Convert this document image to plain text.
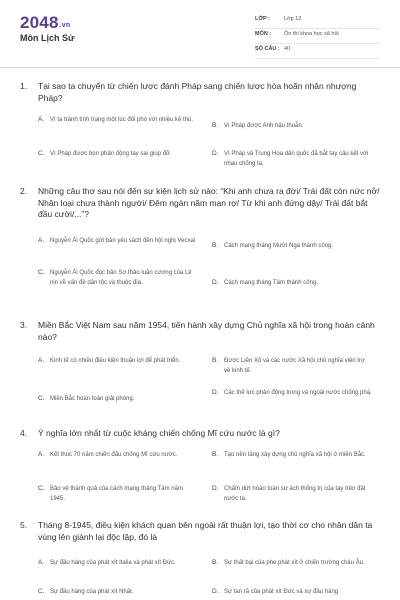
2048.vn
Môn Lịch Sử
LỚP :	Lớp 12
MÔN : Ôn thi khoa học xã hội
SỐ CÂU : 40
1. Tại sao ta chuyển từ chiến lược đánh Pháp sang chiến lược hòa hoãn nhân nhượng Pháp?
A. Vì ta tránh tình trạng một lúc đối phó với nhiều kẻ thù.
B. Vì Pháp được Anh hậu thuẫn.
C. Vì Pháp được bọn phản động tay sai giúp đỡ.	D. Vì Pháp và Trung Hoa dân quốc đã bắt tay cấu kết với nhau chống ta.
2. Những câu thơ sau nói đến sự kiện lịch sử nào: “Khi anh chưa ra đời/ Trái đất còn nức nở/ Nhân loại chưa thành người/ Đêm ngàn năm man rợ/ Từ khi anh đứng dậy/ Trái đất bắt đầu cười/...”?
A. Nguyễn Ái Quốc gửi bản yêu sách đến hội nghị Vecxai
B. Cách mạng tháng Mười Nga thành công.
C. Nguyễn Ái Quốc đọc bản Sơ thảo luận cương của Lê nin về vấn đề dân tộc và thuộc địa.	D. Cách mạng tháng Tám thành công.
3. Miền Bắc Việt Nam sau năm 1954, tiến hành xây dựng Chủ nghĩa xã hội trong hoàn cảnh nào?
A. Kinh tế có nhiều điều kiện thuận lợi để phát triển.	B. Được Liên Xô và các nước Xã hội chủ nghĩa viện trợ về kinh tế.
C. Miền Bắc hoàn toàn giải phóng.
D. Các thế lực phản động trong và ngoài nước chống phá.
4. Ý nghĩa lớn nhất từ cuộc kháng chiến chống Mĩ cứu nước là gì?
A. Kết thúc 70 năm chiến đấu chống Mĩ cứu nước.	B. Tạo nền tảng xây dựng chủ nghĩa xã hội ở miền Bắc.
C. Bảo vệ thành quả của cách mạng tháng Tám năm 1945.
D. Chấm dứt hoàn toàn sự ách thống trị của tay trên đất nước ta.
5. Tháng 8-1945, điều kiện khách quan bên ngoài rất thuận lợi, tạo thời cơ cho nhân dân ta vùng lên giành lại độc lập, đó là
A. Sự đầu hàng của phát xít Italia và phát xít Đức.	B. Sự thất bại của phe phát xít ở chiến trường châu Âu.
C. Sự đầu hàng của phát xít Nhật.	D. Sự tan rã của phát xít Đức và sự đầu hàng
